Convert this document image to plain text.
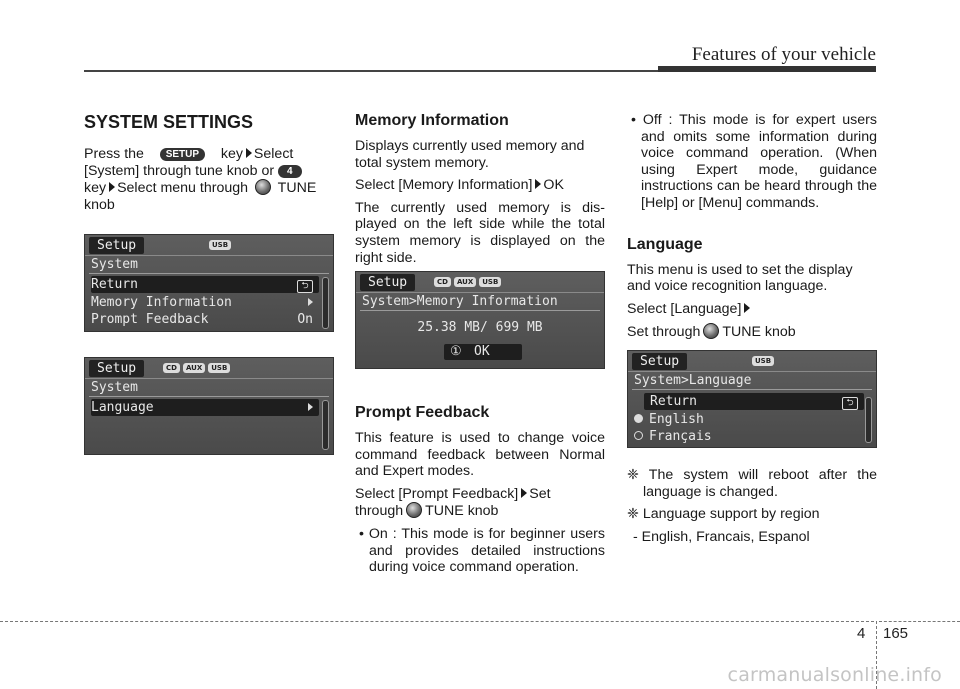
Features of your vehicle
SYSTEM SETTINGS

Press the SETUP key Select
[System] through tune knob or 4
key Select menu through TUNE
knob

Setup	USB
System
Return	⮌
Memory Information
Prompt Feedback	On
Setup	CD	AUX	USB
System
Language
Memory Information

Displays currently used memory and total system memory.

Select [Memory Information] OK

The currently used memory is dis- played on the left side while the total system memory is displayed on the right side.

Setup	CD	AUX	USB
System>Memory Information
25.38 MB/ 699 MB
① OK
Prompt Feedback

This feature is used to change voice command feedback between Normal and Expert modes.

Select [Prompt Feedback] Set
through TUNE knob

• On : This mode is for beginner users and provides detailed instructions during voice command operation.

• Off : This mode is for expert users and omits some information during voice command operation. (When using Expert mode, guidance instructions can be heard through the [Help] or [Menu] commands.

Language

This menu is used to set the display and voice recognition language.

Select [Language]

Set through TUNE knob

Setup	USB
System>Language
Return	⮌
English
Français

❈ The system will reboot after the language is changed.

❈ Language support by region

- English, Francais, Espanol

4 165
carmanualsonline.info
